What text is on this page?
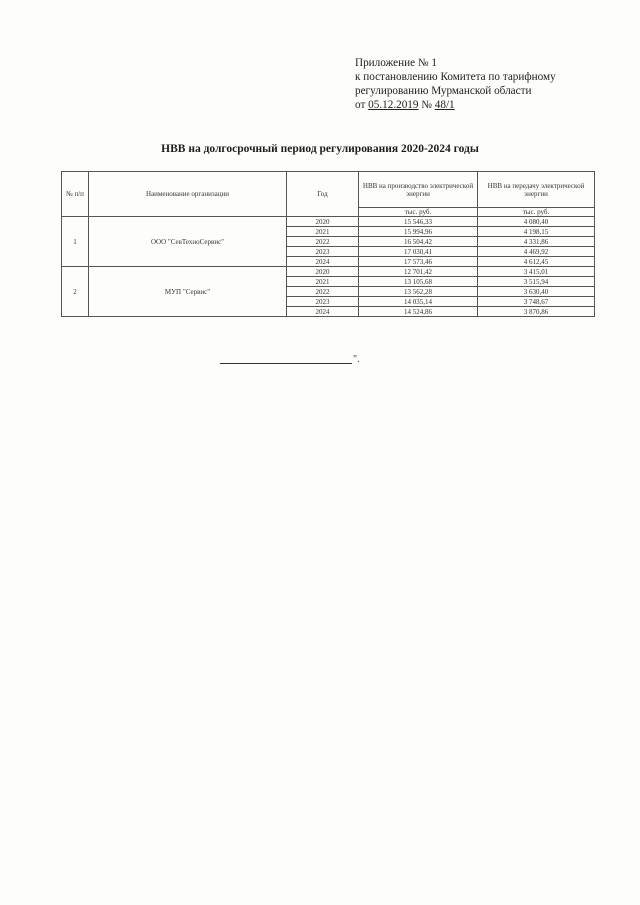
Приложение № 1
к постановлению Комитета по тарифному
регулированию Мурманской области
от 05.12.2019 № 48/1
НВВ на долгосрочный период регулирования 2020-2024 годы
№ п/п	Наименование организации	Год	НВВ на производство электрической энергии	НВВ на передачу электрической энергии
			тыс. руб.	тыс. руб.
1	ООО "СевТехноСервис"	2020	15 546,33	4 080,40
		2021	15 994,96	4 198,15
		2022	16 504,42	4 331,86
		2023	17 030,41	4 469,92
		2024	17 573,46	4 612,45
2	МУП "Сервис"	2020	12 701,42	3 415,01
		2021	13 105,68	3 515,94
		2022	13 562,28	3 630,40
		2023	14 035,14	3 748,67
		2024	14 524,86	3 870,86
".
